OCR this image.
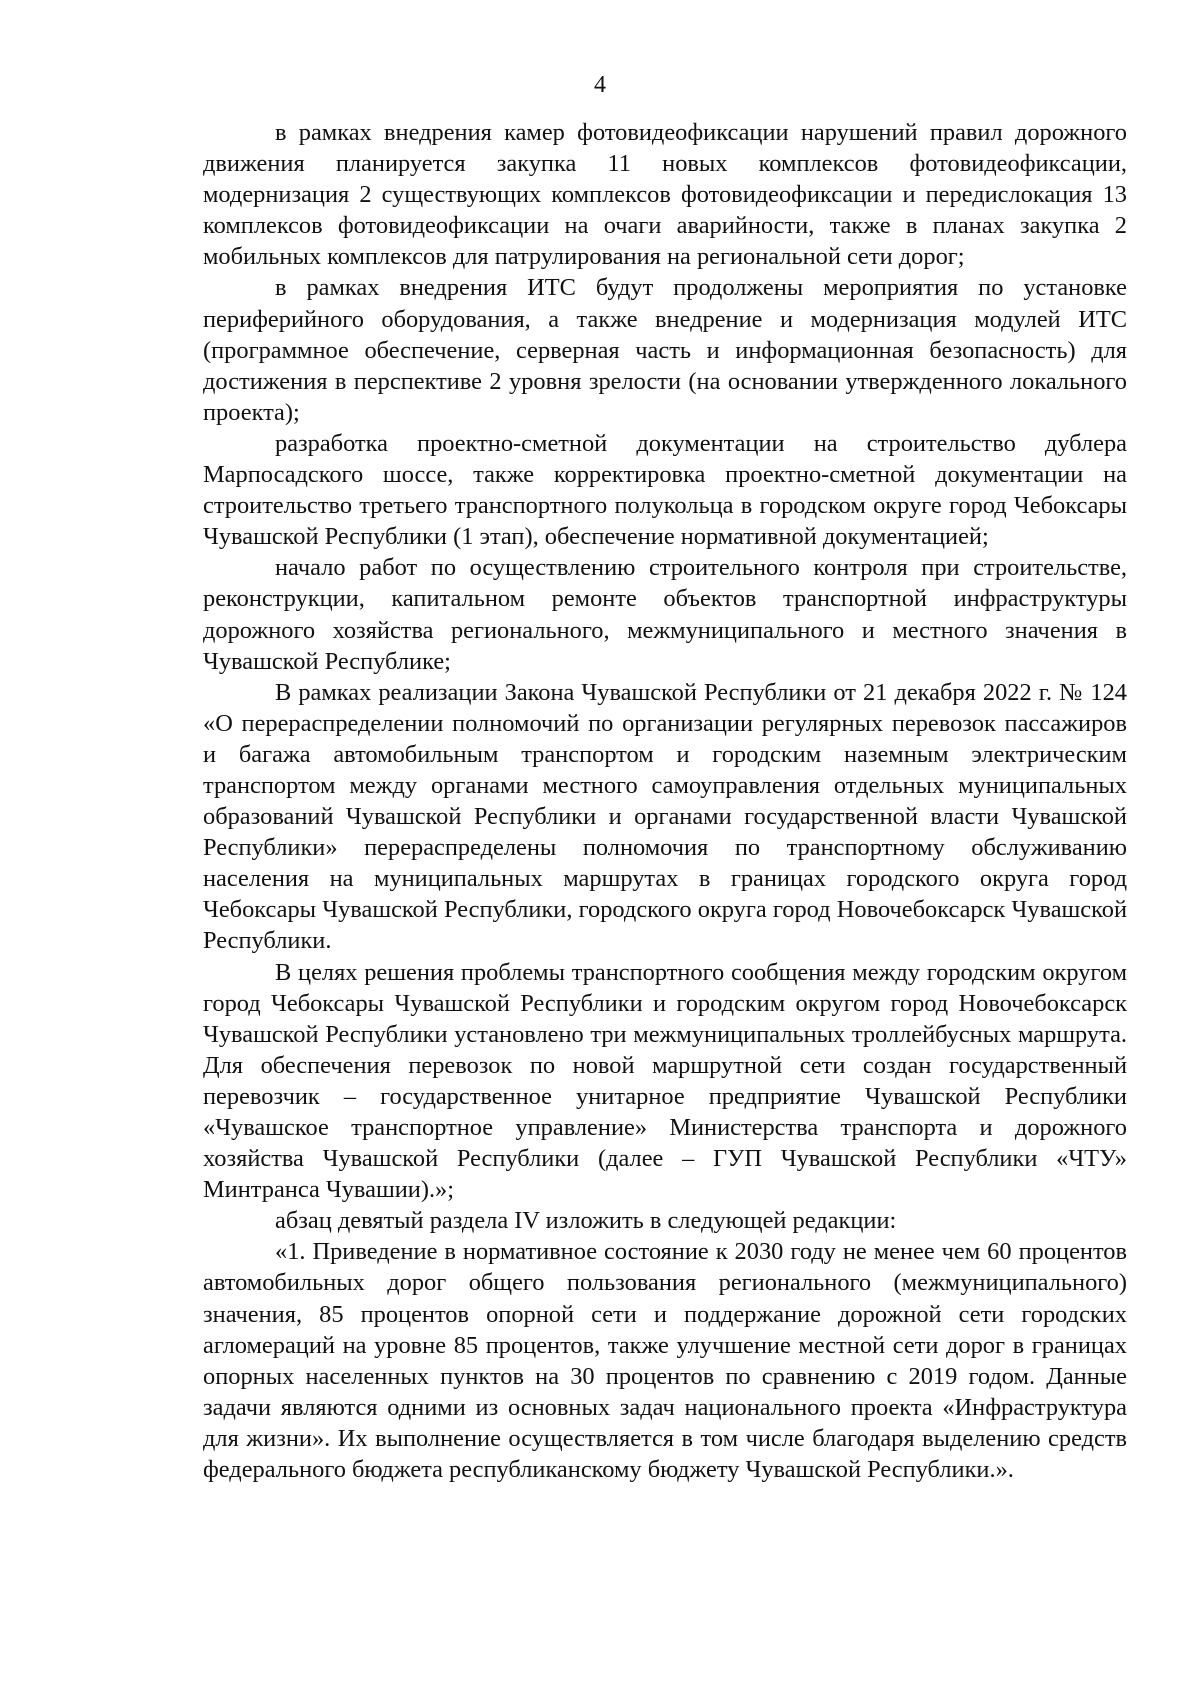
4

в рамках внедрения камер фотовидеофиксации нарушений правил дорожного движения планируется закупка 11 новых комплексов фотовидеофиксации, модернизация 2 существующих комплексов фотовидеофиксации и передислокация 13 комплексов фотовидеофиксации на очаги аварийности, также в планах закупка 2 мобильных комплексов для патрулирования на региональной сети дорог;

в рамках внедрения ИТС будут продолжены мероприятия по установке периферийного оборудования, а также внедрение и модернизация модулей ИТС (программное обеспечение, серверная часть и информационная безопасность) для достижения в перспективе 2 уровня зрелости (на основании утвержденного локального проекта);

разработка проектно-сметной документации на строительство дублера Марпосадского шоссе, также корректировка проектно-сметной документации на строительство третьего транспортного полукольца в городском округе город Чебоксары Чувашской Республики (1 этап), обеспечение нормативной документацией;

начало работ по осуществлению строительного контроля при строительстве, реконструкции, капитальном ремонте объектов транспортной инфраструктуры дорожного хозяйства регионального, межмуниципального и местного значения в Чувашской Республике;

В рамках реализации Закона Чувашской Республики от 21 декабря 2022 г. № 124 «О перераспределении полномочий по организации регулярных перевозок пассажиров и багажа автомобильным транспортом и городским наземным электрическим транспортом между органами местного самоуправления отдельных муниципальных образований Чувашской Республики и органами государственной власти Чувашской Республики» перераспределены полномочия по транспортному обслуживанию населения на муниципальных маршрутах в границах городского округа город Чебоксары Чувашской Республики, городского округа город Новочебоксарск Чувашской Республики.

В целях решения проблемы транспортного сообщения между городским округом город Чебоксары Чувашской Республики и городским округом город Новочебоксарск Чувашской Республики установлено три межмуниципальных троллейбусных маршрута. Для обеспечения перевозок по новой маршрутной сети создан государственный перевозчик – государственное унитарное предприятие Чувашской Республики «Чувашское транспортное управление» Министерства транспорта и дорожного хозяйства Чувашской Республики (далее – ГУП Чувашской Республики «ЧТУ» Минтранса Чувашии).»;

абзац девятый раздела IV изложить в следующей редакции:

«1. Приведение в нормативное состояние к 2030 году не менее чем 60 процентов автомобильных дорог общего пользования регионального (межмуниципального) значения, 85 процентов опорной сети и поддержание дорожной сети городских агломераций на уровне 85 процентов, также улучшение местной сети дорог в границах опорных населенных пунктов на 30 процентов по сравнению с 2019 годом. Данные задачи являются одними из основных задач национального проекта «Инфраструктура для жизни». Их выполнение осуществляется в том числе благодаря выделению средств федерального бюджета республиканскому бюджету Чувашской Республики.».
